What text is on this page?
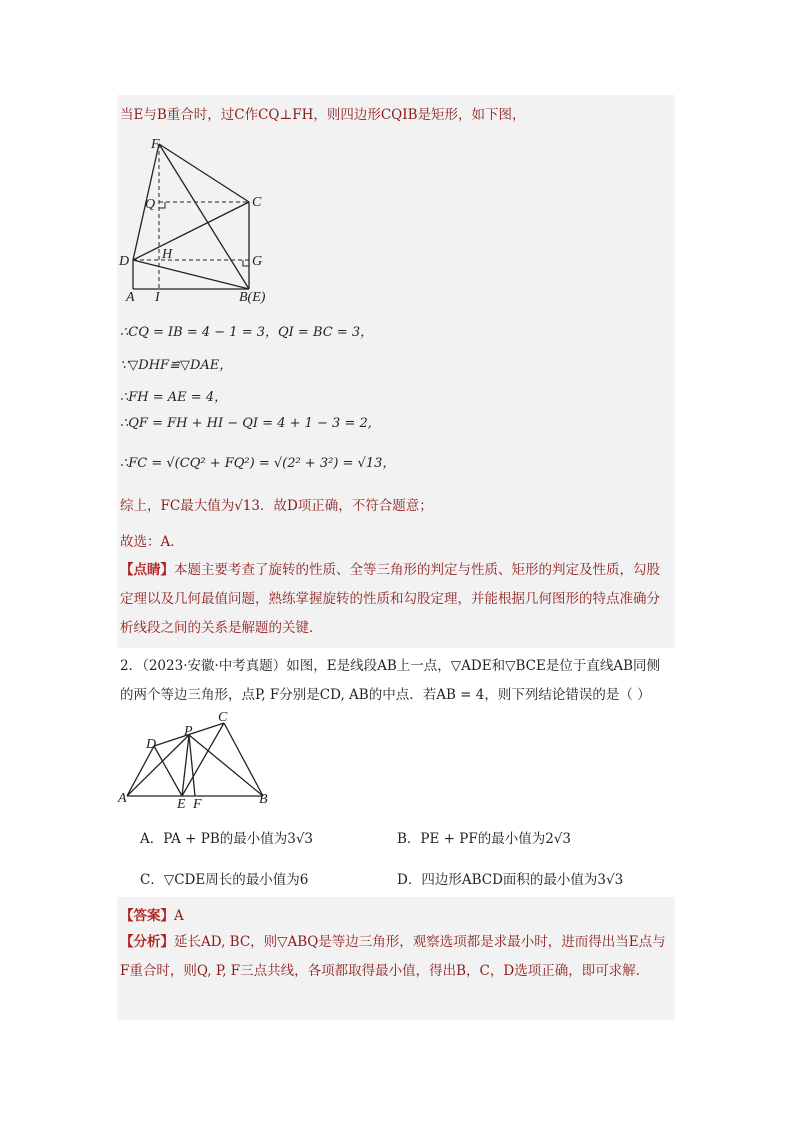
当E与B重合时，过C作CQ⊥FH，则四边形CQIB是矩形，如下图，
F
Q	C
D H	G
A I	B(E)
∴CQ = IB = 4 − 1 = 3，QI = BC = 3，
∵▽DHF≌▽DAE，
∴FH = AE = 4，
∴QF = FH + HI − QI = 4 + 1 − 3 = 2,
∴FC = √(CQ² + FQ²) = √(2² + 3²) = √13，
综上，FC最大值为√13．故D项正确，不符合题意；
故选：A．
【点睛】本题主要考查了旋转的性质、全等三角形的判定与性质、矩形的判定及性质，勾股定理以及几何最值问题，熟练掌握旋转的性质和勾股定理，并能根据几何图形的特点准确分析线段之间的关系是解题的关键．
2．（2023·安徽·中考真题）如图，E是线段AB上一点，▽ADE和▽BCE是位于直线AB同侧的两个等边三角形，点P, F分别是CD, AB的中点．若AB = 4，则下列结论错误的是（ ）
C
D
P
A	E F	B
A．PA + PB的最小值为3√3	B．PE + PF的最小值为2√3
C．▽CDE周长的最小值为6	D．四边形ABCD面积的最小值为3√3
【答案】A
【分析】延长AD, BC，则▽ABQ是等边三角形，观察选项都是求最小时，进而得出当E点与F重合时，则Q, P, F三点共线，各项都取得最小值，得出B，C，D选项正确，即可求解．
